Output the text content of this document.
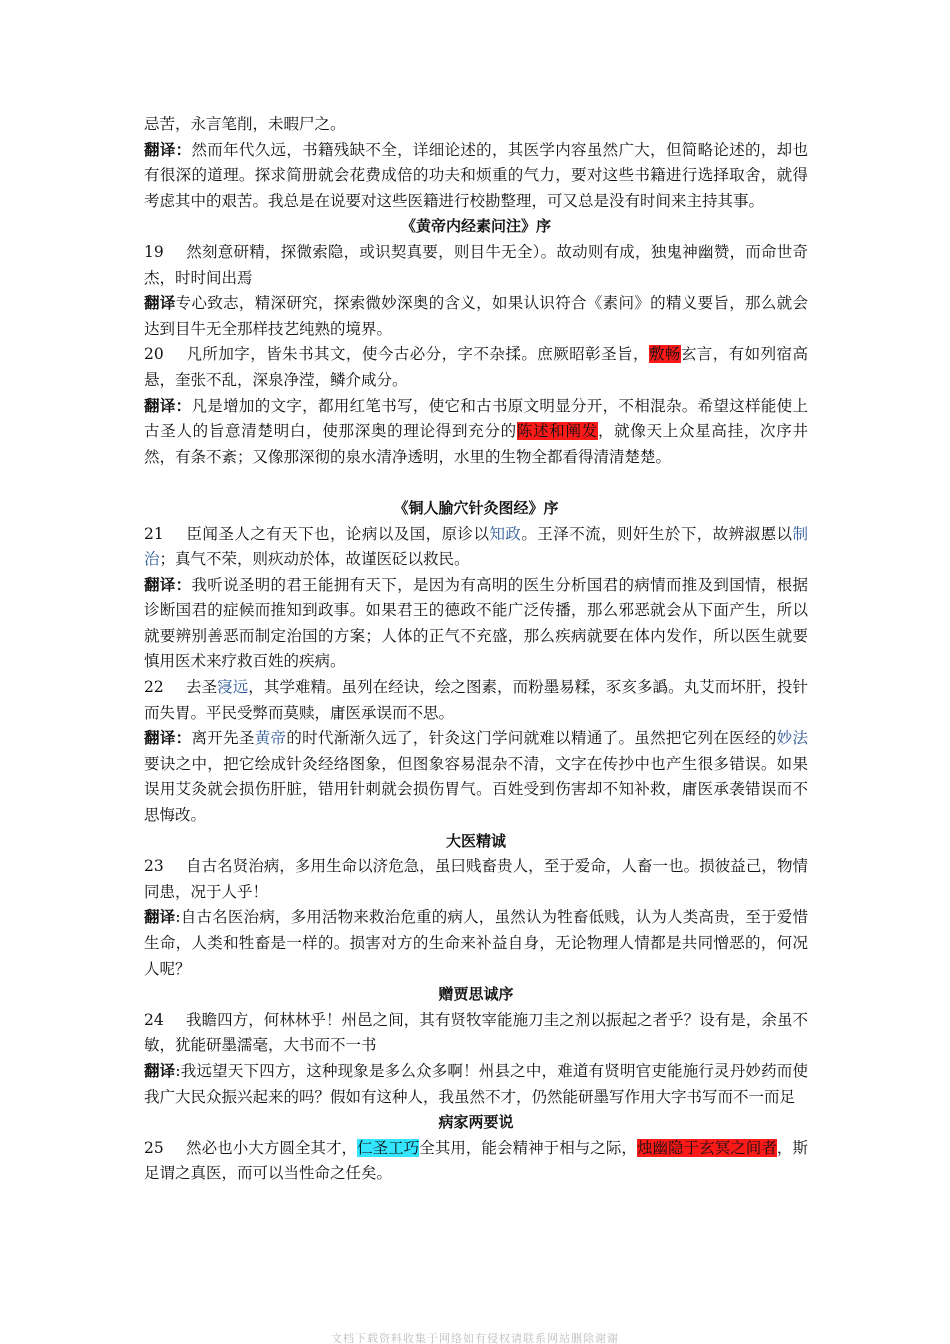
忌苦，永言笔削，未暇尸之。

翻译：然而年代久远，书籍残缺不全，详细论述的，其医学内容虽然广大，但简略论述的，却也有很深的道理。探求简册就会花费成倍的功夫和烦重的气力，要对这些书籍进行选择取舍，就得考虑其中的艰苦。我总是在说要对这些医籍进行校勘整理，可又总是没有时间来主持其事。

《黄帝内经素问注》序

19 然刻意研精，探微索隐，或识契真要，则目牛无全）。故动则有成，独鬼神幽赞，而命世奇杰，时时间出焉

翻译专心致志，精深研究，探索微妙深奥的含义，如果认识符合《素问》的精义要旨，那么就会达到目牛无全那样技艺纯熟的境界。

20 凡所加字，皆朱书其文，使今古必分，字不杂揉。庶厥昭彰圣旨，敷畅玄言，有如列宿高悬，奎张不乱，深泉净滢，鳞介咸分。

翻译：凡是增加的文字，都用红笔书写，使它和古书原文明显分开，不相混杂。希望这样能使上古圣人的旨意清楚明白，使那深奥的理论得到充分的陈述和阐发，就像天上众星高挂，次序井然，有条不紊；又像那深彻的泉水清净透明，水里的生物全都看得清清楚楚。

《铜人腧穴针灸图经》序

21 臣闻圣人之有天下也，论病以及国，原诊以知政。王泽不流，则奸生於下，故辨淑慝以制治；真气不荣，则疢动於体，故谨医砭以救民。

翻译：我听说圣明的君王能拥有天下，是因为有高明的医生分析国君的病情而推及到国情，根据诊断国君的症候而推知到政事。如果君王的德政不能广泛传播，那么邪恶就会从下面产生，所以就要辨别善恶而制定治国的方案；人体的正气不充盛，那么疾病就要在体内发作，所以医生就要慎用医术来疗救百姓的疾病。

22 去圣寖远，其学难精。虽列在经诀，绘之图素，而粉墨易糅，豕亥多譌。丸艾而坏肝，投针而失胃。平民受弊而莫赎，庸医承误而不思。

翻译：离开先圣黄帝的时代渐渐久远了，针灸这门学问就难以精通了。虽然把它列在医经的妙法要诀之中，把它绘成针灸经络图象，但图象容易混杂不清，文字在传抄中也产生很多错误。如果误用艾灸就会损伤肝脏，错用针刺就会损伤胃气。百姓受到伤害却不知补救，庸医承袭错误而不思悔改。

大医精诚

23 自古名贤治病，多用生命以济危急，虽曰贱畜贵人，至于爱命，人畜一也。损彼益己，物情同患，况于人乎！

翻译:自古名医治病，多用活物来救治危重的病人，虽然认为牲畜低贱，认为人类高贵，至于爱惜生命，人类和牲畜是一样的。损害对方的生命来补益自身，无论物理人情都是共同憎恶的，何况人呢？

赠贾思诚序

24 我瞻四方，何林林乎！州邑之间，其有贤牧宰能施刀圭之剂以振起之者乎？设有是，余虽不敏，犹能研墨濡毫，大书而不一书

翻译:我远望天下四方，这种现象是多么众多啊！州县之中，难道有贤明官吏能施行灵丹妙药而使我广大民众振兴起来的吗？假如有这种人，我虽然不才，仍然能研墨写作用大字书写而不一而足

病家两要说

25 然必也小大方圆全其才，仁圣工巧全其用，能会精神于相与之际，烛幽隐于玄冥之间者，斯足谓之真医，而可以当性命之任矣。

文档下载资料收集于网络如有侵权请联系网站删除谢谢
